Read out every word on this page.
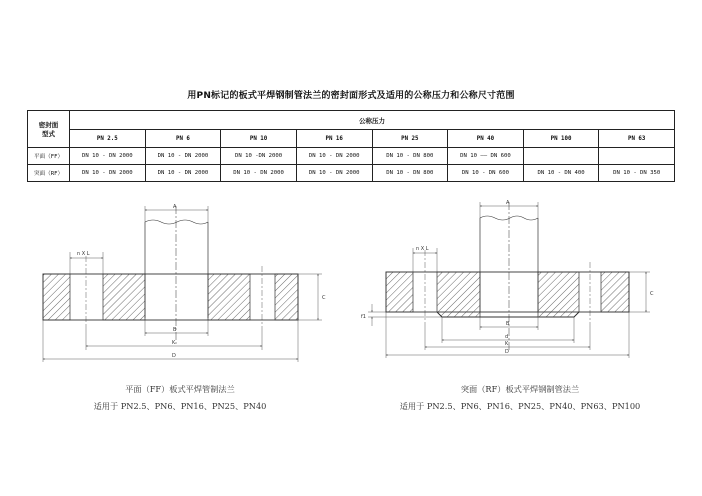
用PN标记的板式平焊钢制管法兰的密封面形式及适用的公称压力和公称尺寸范围
密封面
型式	公称压力							
	PN 2.5	PN 6	PN 10	PN 16	PN 25	PN 40	PN 100	PN 63
平面（FF）	DN 10 - DN 2000	DN 10 - DN 2000	DN 10 -DN 2000	DN 10 - DN 2000	DN 10 - DN 800	DN 10 —— DN 600		
突面（RF）	DN 10 - DN 2000	DN 10 - DN 2000	DN 10 - DN 2000	DN 10 - DN 2000	DN 10 - DN 800	DN 10 - DN 600	DN 10 - DN 400	DN 10 - DN 350
A
n X L
C
B
K
D
A
n X L
C
f1
B
d
K
D
平面（FF）板式平焊管制法兰
适用于 PN2.5、PN6、PN16、PN25、PN40
突面（RF）板式平焊钢制管法兰
适用于 PN2.5、PN6、PN16、PN25、PN40、PN63、PN100
